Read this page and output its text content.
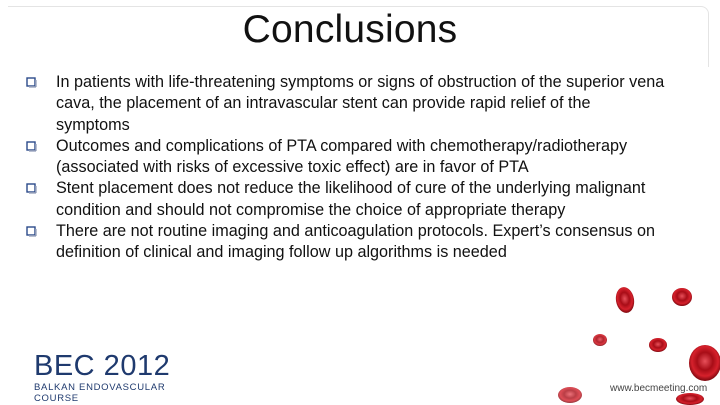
Conclusions
In patients with life-threatening symptoms or signs of obstruction of the superior vena cava, the placement of an intravascular stent can provide rapid relief of the symptoms
Outcomes and complications of PTA compared with chemotherapy/radiotherapy (associated with risks of excessive toxic effect) are in favor of PTA
Stent placement does not reduce the likelihood of cure of the underlying malignant condition and should not compromise the choice of appropriate therapy
There are not routine imaging and anticoagulation protocols. Expert’s consensus on definition of clinical and imaging follow up algorithms is needed
BEC 2012
BALKAN ENDOVASCULAR COURSE
www.becmeeting.com
